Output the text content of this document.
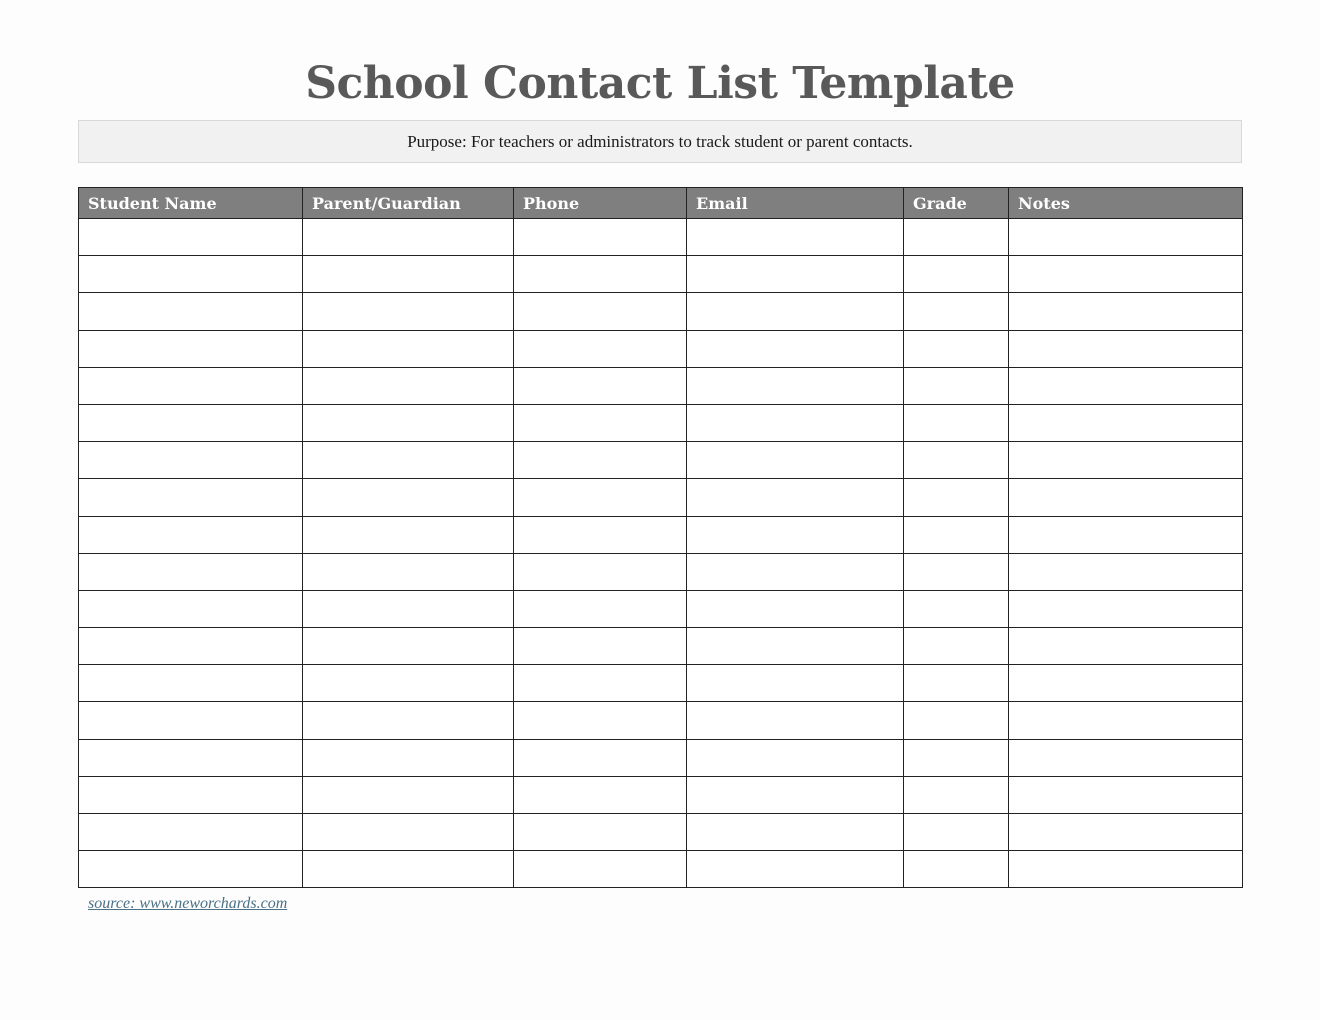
School Contact List Template
Purpose: For teachers or administrators to track student or parent contacts.
Student Name	Parent/Guardian	Phone	Email	Grade	Notes

source: www.neworchards.com
